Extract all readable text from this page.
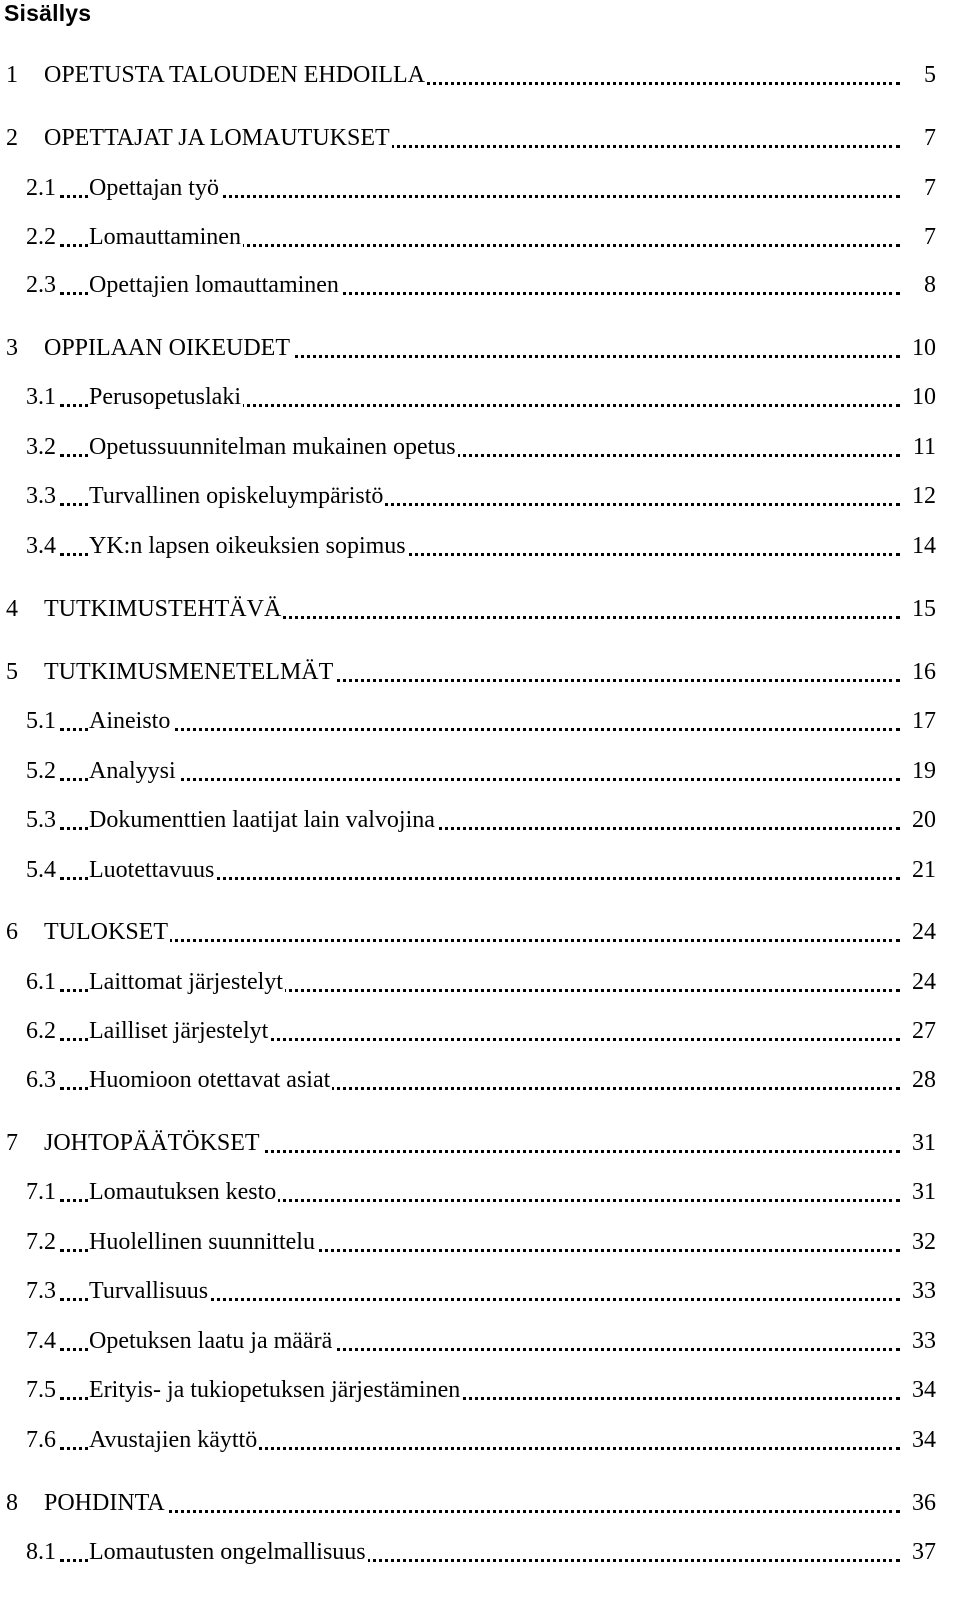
Sisällys
1 OPETUSTA TALOUDEN EHDOILLA	5
2 OPETTAJAT JA LOMAUTUKSET	7
2.1 Opettajan työ	7
2.2 Lomauttaminen	7
2.3 Opettajien lomauttaminen	8
3 OPPILAAN OIKEUDET	10
3.1 Perusopetuslaki	10
3.2 Opetussuunnitelman mukainen opetus	11
3.3 Turvallinen opiskeluympäristö	12
3.4 YK:n lapsen oikeuksien sopimus	14
4 TUTKIMUSTEHTÄVÄ	15
5 TUTKIMUSMENETELMÄT	16
5.1 Aineisto	17
5.2 Analyysi	19
5.3 Dokumenttien laatijat lain valvojina	20
5.4 Luotettavuus	21
6 TULOKSET	24
6.1 Laittomat järjestelyt	24
6.2 Lailliset järjestelyt	27
6.3 Huomioon otettavat asiat	28
7 JOHTOPÄÄTÖKSET	31
7.1 Lomautuksen kesto	31
7.2 Huolellinen suunnittelu	32
7.3 Turvallisuus	33
7.4 Opetuksen laatu ja määrä	33
7.5 Erityis- ja tukiopetuksen järjestäminen	34
7.6 Avustajien käyttö	34
8 POHDINTA	36
8.1 Lomautusten ongelmallisuus	37
